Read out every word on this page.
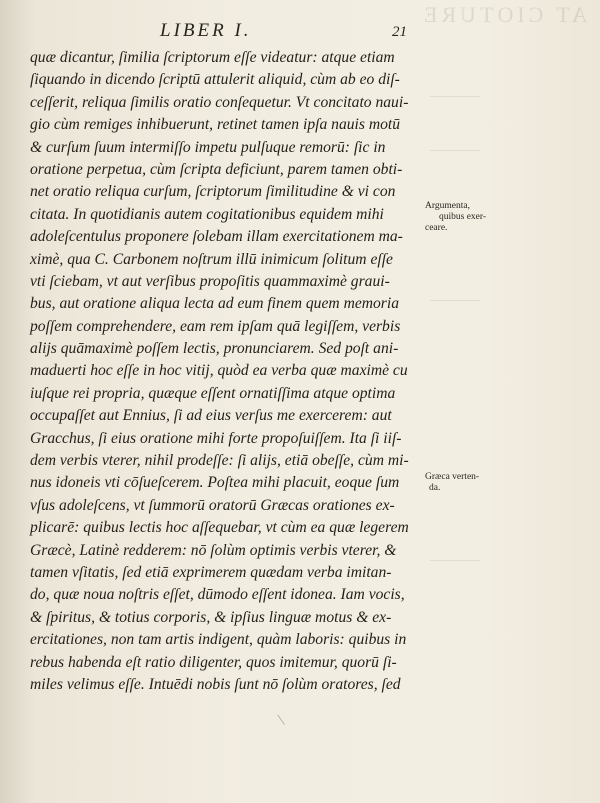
AT CIOTURE
LIBER I.	21
quæ dicantur, ſimilia ſcriptorum eſſe videatur: atque etiam
ſiquando in dicendo ſcriptū attulerit aliquid, cùm ab eo diſ-
ceſſerit, reliqua ſimilis oratio conſequetur. Vt concitato naui-
gio cùm remiges inhibuerunt, retinet tamen ipſa nauis motū
& curſum ſuum intermiſſo impetu pulſuque remorū: ſic in
oratione perpetua, cùm ſcripta deficiunt, parem tamen obti-
net oratio reliqua curſum, ſcriptorum ſimilitudine & vi con
citata. In quotidianis autem cogitationibus equidem mihi
adoleſcentulus proponere ſolebam illam exercitationem ma-
ximè, qua C. Carbonem noſtrum illū inimicum ſolitum eſſe
vti ſciebam, vt aut verſibus propoſitis quammaximè graui-
bus, aut oratione aliqua lecta ad eum finem quem memoria
poſſem comprehendere, eam rem ipſam quā legiſſem, verbis
alijs quāmaximè poſſem lectis, pronunciarem. Sed poſt ani-
maduerti hoc eſſe in hoc vitij, quòd ea verba quæ maximè cu
iuſque rei propria, quæque eſſent ornatiſſima atque optima
occupaſſet aut Ennius, ſi ad eius verſus me exercerem: aut
Gracchus, ſi eius oratione mihi forte propoſuiſſem. Ita ſi iiſ-
dem verbis vterer, nihil prodeſſe: ſi alijs, etiā obeſſe, cùm mi-
nus idoneis vti cōſueſcerem. Poſtea mihi placuit, eoque ſum
vſus adoleſcens, vt ſummorū oratorū Græcas orationes ex-
plicarē: quibus lectis hoc aſſequebar, vt cùm ea quæ legerem
Græcè, Latinè redderem: nō ſolùm optimis verbis vterer, &
tamen vſitatis, ſed etiā exprimerem quædam verba imitan-
do, quæ noua noſtris eſſet, dūmodo eſſent idonea. Iam vocis,
& ſpiritus, & totius corporis, & ipſius linguæ motus & ex-
ercitationes, non tam artis indigent, quàm laboris: quibus in
rebus habenda eſt ratio diligenter, quos imitemur, quorū ſi-
miles velimus eſſe. Intuēdi nobis ſunt nō ſolùm oratores, ſed
Argumenta,
quibus exer-
ceare.
Græca verten-
da.
